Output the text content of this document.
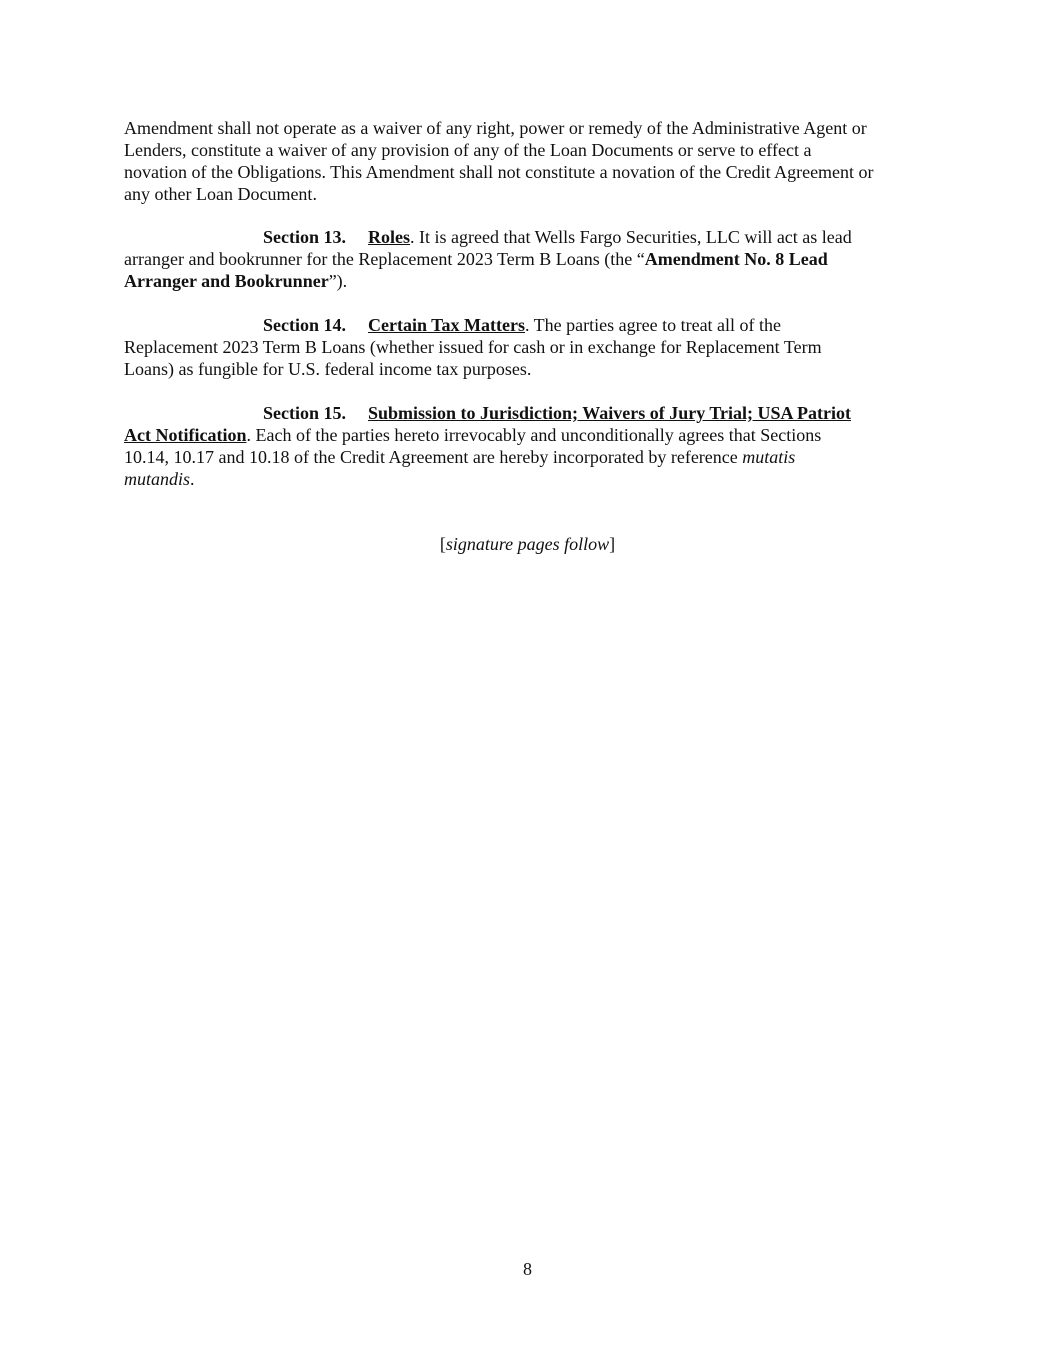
Amendment shall not operate as a waiver of any right, power or remedy of the Administrative Agent or
Lenders, constitute a waiver of any provision of any of the Loan Documents or serve to effect a
novation of the Obligations. This Amendment shall not constitute a novation of the Credit Agreement or
any other Loan Document.

Section 13. Roles. It is agreed that Wells Fargo Securities, LLC will act as lead
arranger and bookrunner for the Replacement 2023 Term B Loans (the “Amendment No. 8 Lead
Arranger and Bookrunner”).

Section 14. Certain Tax Matters. The parties agree to treat all of the
Replacement 2023 Term B Loans (whether issued for cash or in exchange for Replacement Term
Loans) as fungible for U.S. federal income tax purposes.

Section 15. Submission to Jurisdiction; Waivers of Jury Trial; USA Patriot
Act Notification. Each of the parties hereto irrevocably and unconditionally agrees that Sections
10.14, 10.17 and 10.18 of the Credit Agreement are hereby incorporated by reference mutatis
mutandis.

[signature pages follow]
8
